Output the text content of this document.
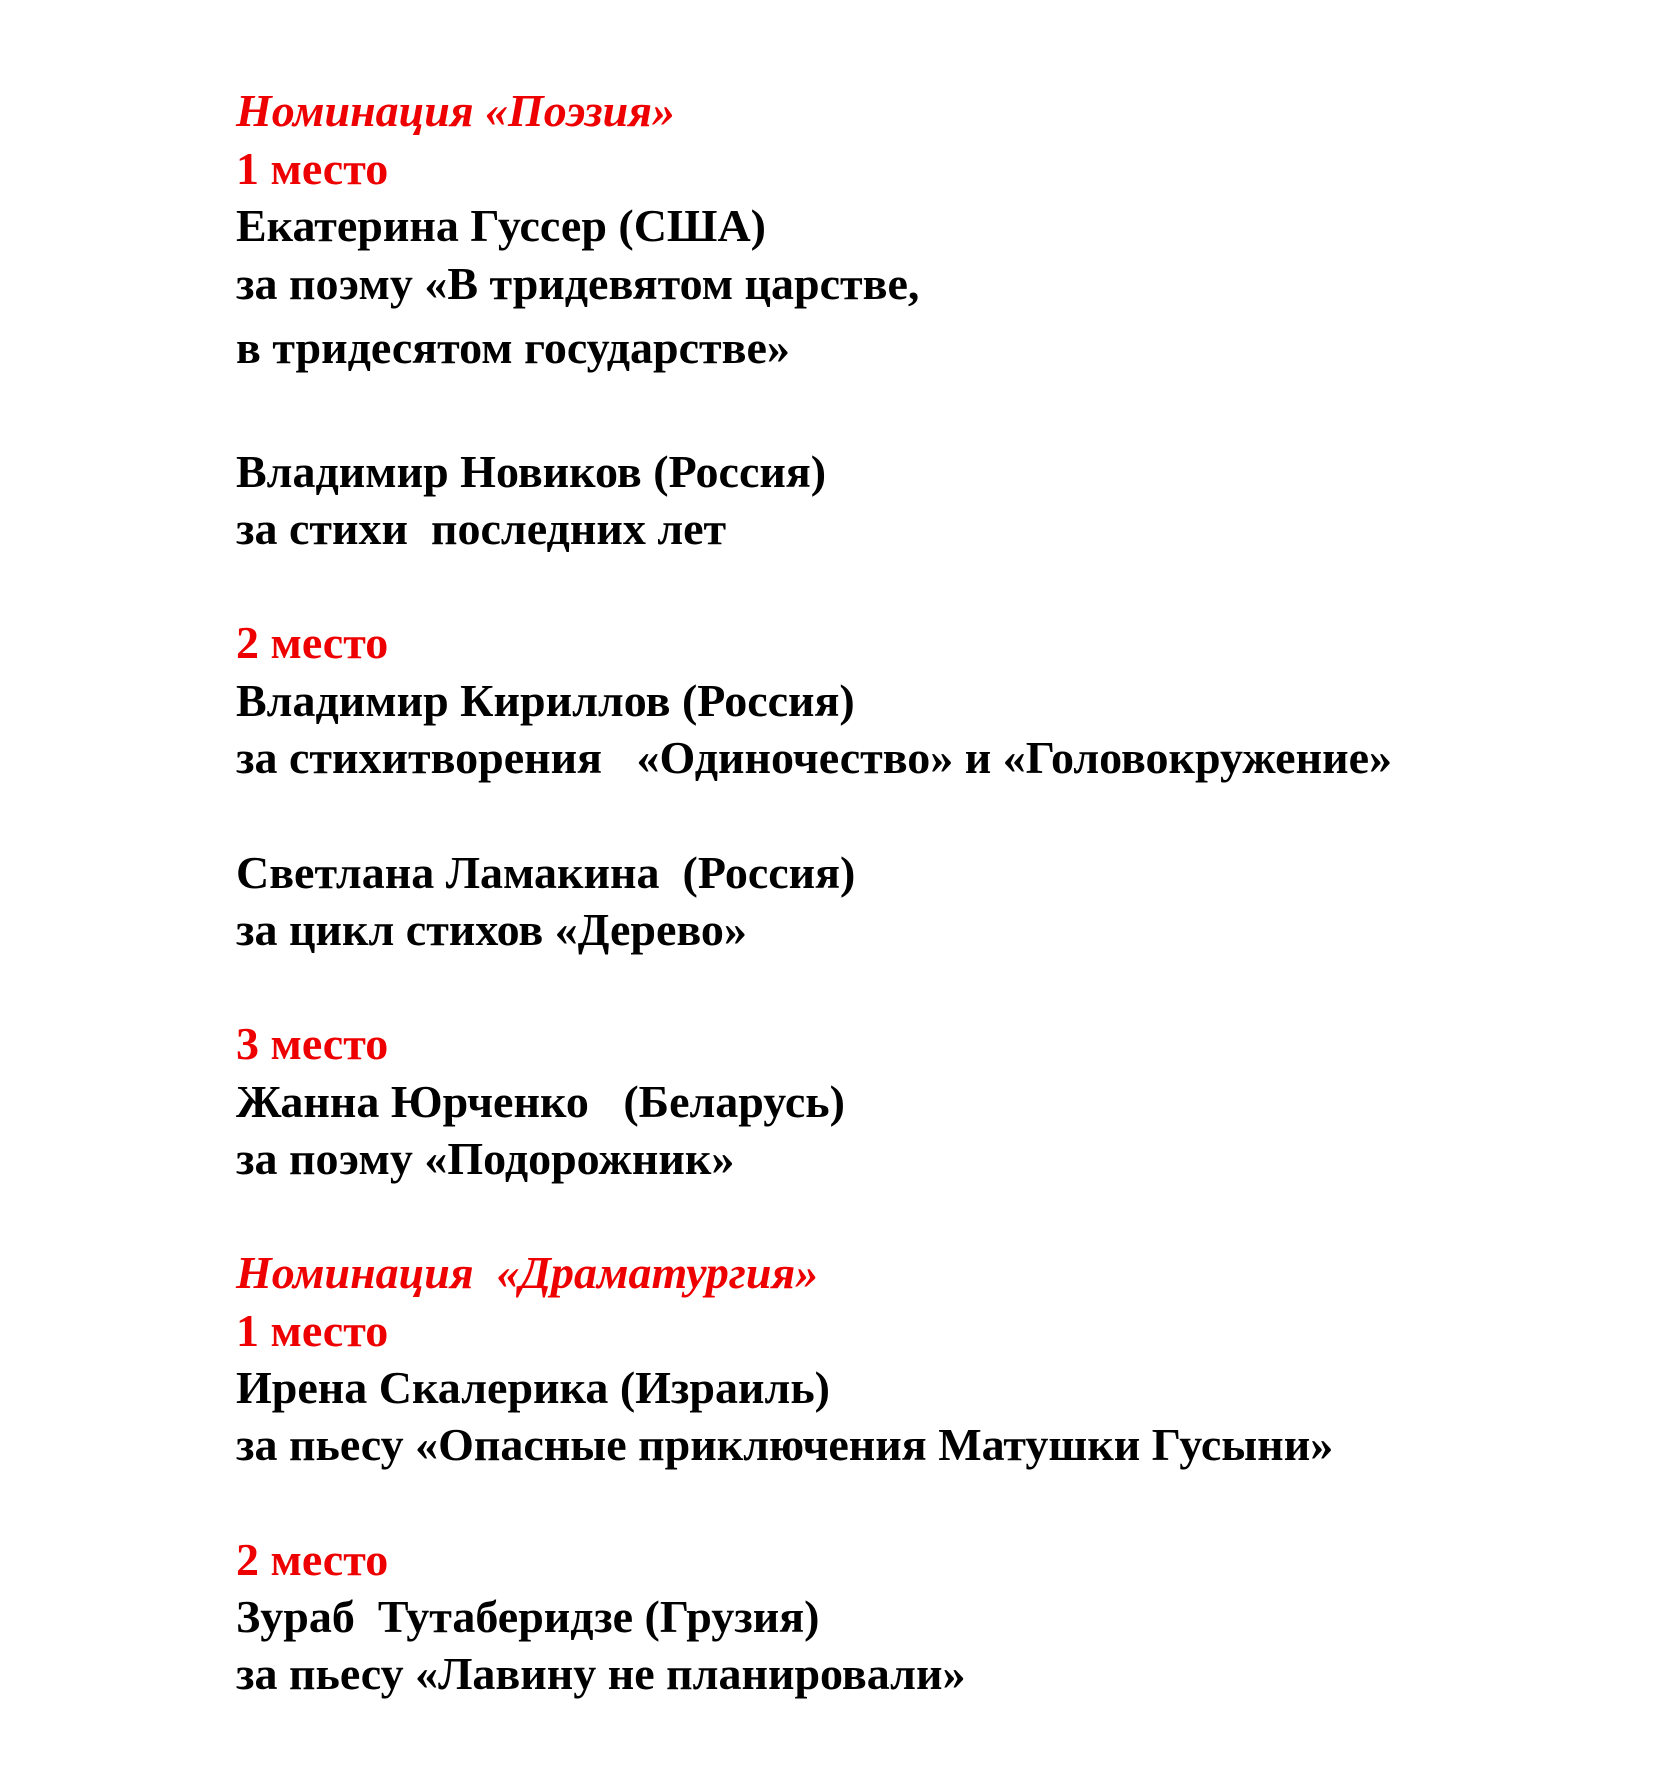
Номинация «Поэзия»

1 место

Екатерина Гуссер (США)

за поэму «В тридевятом царстве,

в тридесятом государстве»

Владимир Новиков (Россия)

за стихи  последних лет

2 место

Владимир Кириллов (Россия)

за стихитворения   «Одиночество» и «Головокружение»

Светлана Ламакина  (Россия)

за цикл стихов «Дерево»

3 место

Жанна Юрченко   (Беларусь)

за поэму «Подорожник»

Номинация  «Драматургия»

1 место

Ирена Скалерика (Израиль)

за пьесу «Опасные приключения Матушки Гусыни»

2 место

Зураб  Тутаберидзе (Грузия)

за пьесу «Лавину не планировали»
